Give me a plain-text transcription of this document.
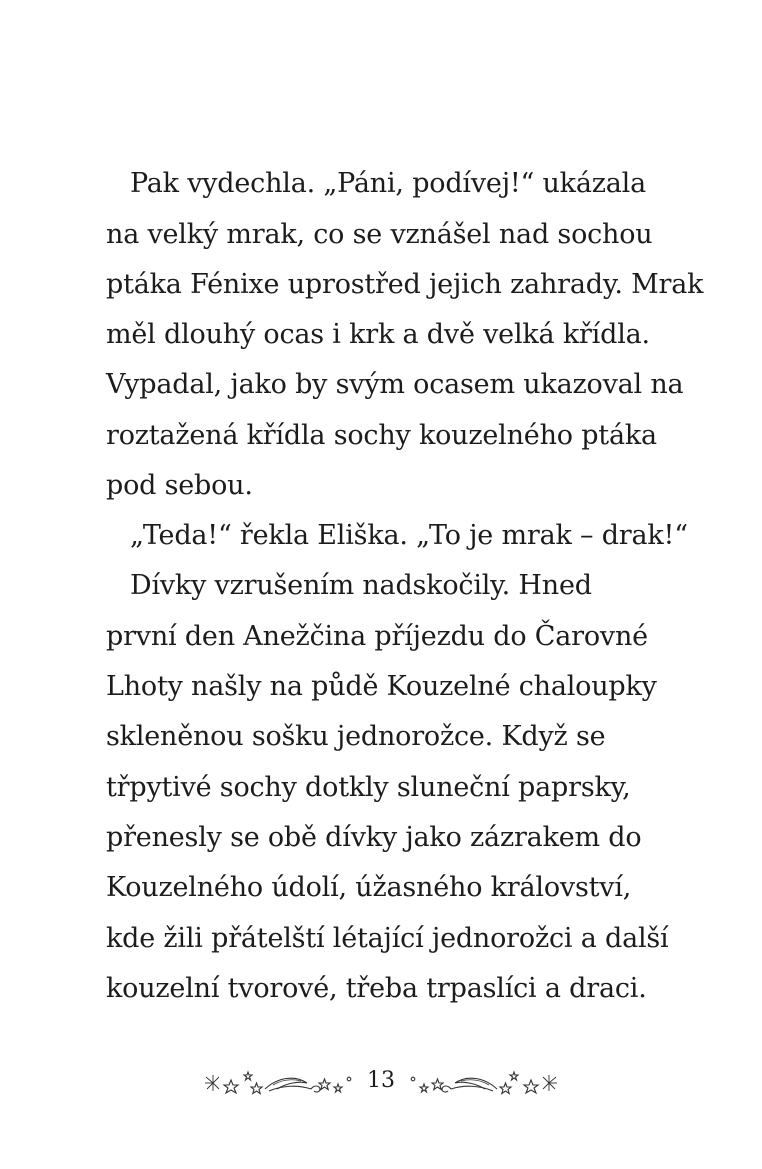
Pak vydechla. „Páni, podívej!“ ukázala
na velký mrak, co se vznášel nad sochou
ptáka Fénixe uprostřed jejich zahrady. Mrak
měl dlouhý ocas i krk a dvě velká křídla.
Vypadal, jako by svým ocasem ukazoval na
roztažená křídla sochy kouzelného ptáka
pod sebou.
„Teda!“ řekla Eliška. „To je mrak – drak!“
Dívky vzrušením nadskočily. Hned
první den Anežčina příjezdu do Čarovné
Lhoty našly na půdě Kouzelné chaloupky
skleněnou sošku jednorožce. Když se
třpytivé sochy dotkly sluneční paprsky,
přenesly se obě dívky jako zázrakem do
Kouzelného údolí, úžasného království,
kde žili přátelští létající jednorožci a další
kouzelní tvorové, třeba trpaslíci a draci.
13
